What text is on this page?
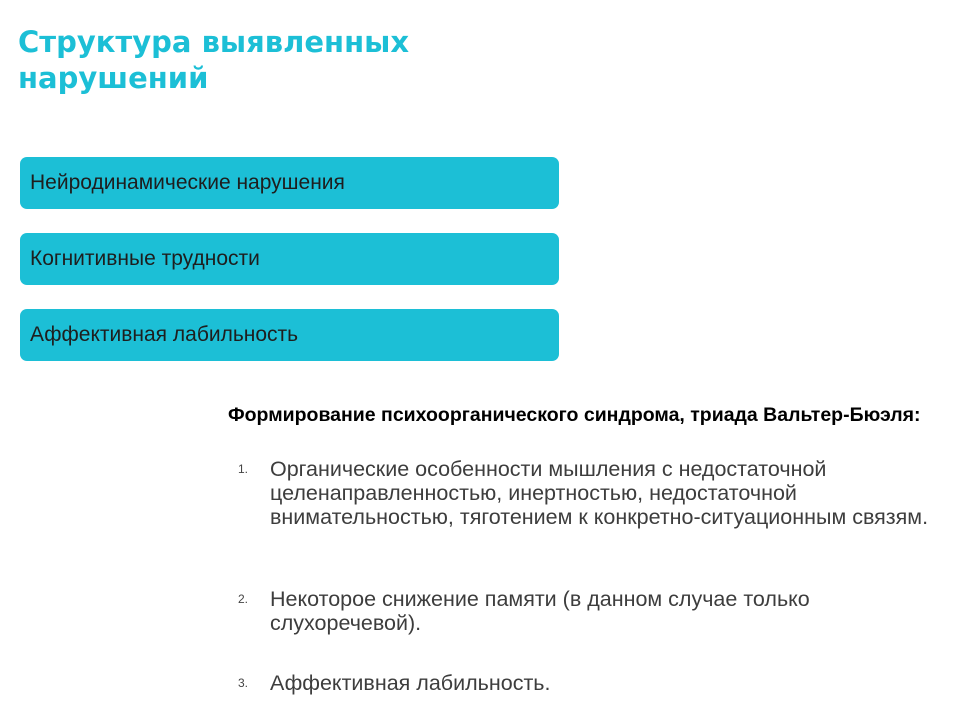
Структура выявленных нарушений
Нейродинамические нарушения
Когнитивные трудности
Аффективная лабильность

Формирование психоорганического синдрома, триада Вальтер-Бюэля:

1. Органические особенности мышления с недостаточной целенаправленностью, инертностью, недостаточной внимательностью, тяготением к конкретно-ситуационным связям.
2. Некоторое снижение памяти (в данном случае только слухоречевой).
3. Аффективная лабильность.
